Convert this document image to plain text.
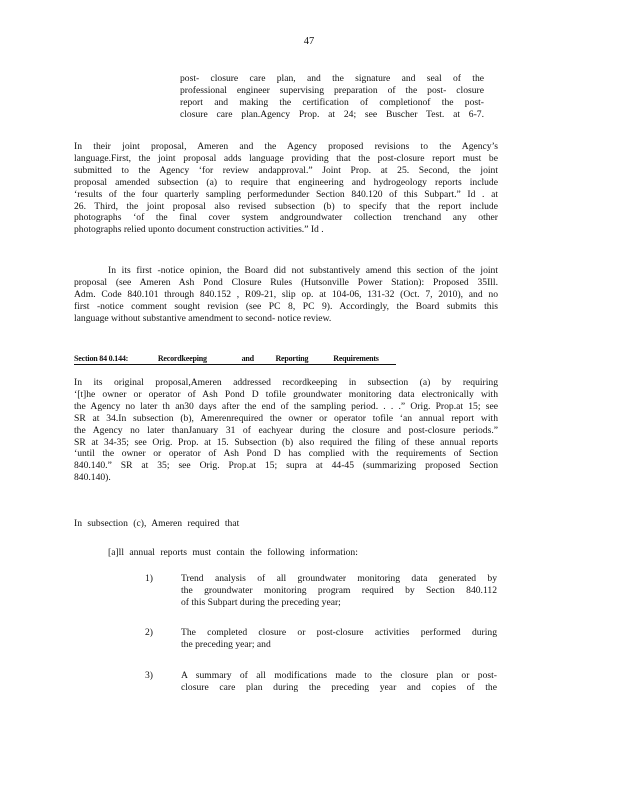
47
post- closure care plan, and the signature and seal of the
professional engineer supervising preparation of the post- closure
report and making the certification of completionof the post-
closure care plan.Agency Prop. at 24; see Buscher Test. at 6-7.
In their joint proposal, Ameren and the Agency proposed revisions to the Agency’s
language.First, the joint proposal adds language providing that the post-closure report must be
submitted to the Agency ‘for review andapproval.” Joint Prop. at 25. Second, the joint
proposal amended subsection (a) to require that engineering and hydrogeology reports include
‘results of the four quarterly sampling performedunder Section 840.120 of this Subpart.” Id . at
26. Third, the joint proposal also revised subsection (b) to specify that the report include
photographs ‘of the final cover system andgroundwater collection trenchand any other
photographs relied uponto document construction activities.” Id .
In its first -notice opinion, the Board did not substantively amend this section of the joint
proposal (see Ameren Ash Pond Closure Rules (Hutsonville Power Station): Proposed 35Ill.
Adm. Code 840.101 through 840.152 , R09-21, slip op. at 104-06, 131-32 (Oct. 7, 2010), and no
first -notice comment sought revision (see PC 8, PC 9). Accordingly, the Board submits this
language without substantive amendment to second- notice review.
Section 84 0.144:	Recordkeeping	and	Reporting	Requirements
In its original proposal,Ameren addressed recordkeeping in subsection (a) by requiring
‘[t]he owner or operator of Ash Pond D tofile groundwater monitoring data electronically with
the Agency no later th an30 days after the end of the sampling period. . . .” Orig. Prop.at 15; see
SR at 34.In subsection (b), Amerenrequired the owner or operator tofile ‘an annual report with
the Agency no later thanJanuary 31 of eachyear during the closure and post-closure periods.”
SR at 34-35; see Orig. Prop. at 15. Subsection (b) also required the filing of these annual reports
‘until the owner or operator of Ash Pond D has complied with the requirements of Section
840.140.” SR at 35; see Orig. Prop.at 15; supra at 44-45 (summarizing proposed Section
840.140).
In subsection (c), Ameren required that
[a]ll annual reports must contain the following information:
1)	Trend analysis of all groundwater monitoring data generated by
the groundwater monitoring program required by Section 840.112
of this Subpart during the preceding year;
2)	The completed closure or post-closure activities performed during
the preceding year; and
3)	A summary of all modifications made to the closure plan or post-
closure care plan during the preceding year and copies of the
